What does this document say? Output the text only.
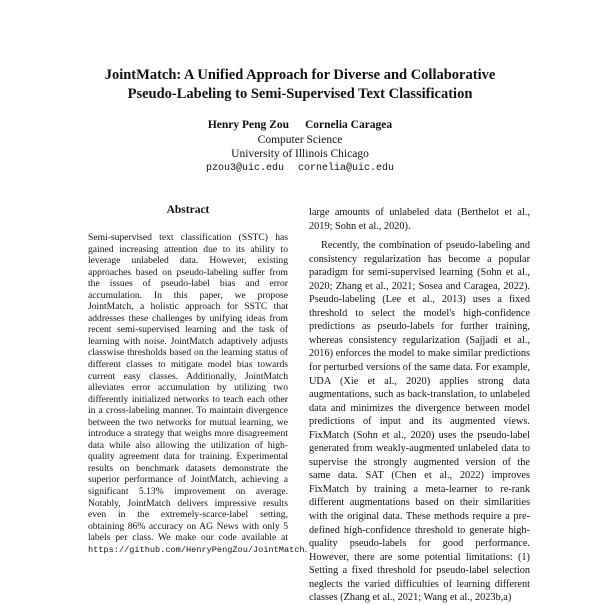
JointMatch: A Unified Approach for Diverse and Collaborative
Pseudo-Labeling to Semi-Supervised Text Classification
Henry Peng Zou Cornelia Caragea
Computer Science
University of Illinois Chicago
pzou3@uic.edu cornelia@uic.edu
Abstract

Semi-supervised text classification (SSTC) has gained increasing attention due to its ability to leverage unlabeled data. However, existing approaches based on pseudo-labeling suffer from the issues of pseudo-label bias and error accumulation. In this paper, we propose JointMatch, a holistic approach for SSTC that addresses these challenges by unifying ideas from recent semi-supervised learning and the task of learning with noise. JointMatch adaptively adjusts classwise thresholds based on the learning status of different classes to mitigate model bias towards current easy classes. Additionally, JointMatch alleviates error accumulation by utilizing two differently initialized networks to teach each other in a cross-labeling manner. To maintain divergence between the two networks for mutual learning, we introduce a strategy that weighs more disagreement data while also allowing the utilization of high-quality agreement data for training. Experimental results on benchmark datasets demonstrate the superior performance of JointMatch, achieving a significant 5.13% improvement on average. Notably, JointMatch delivers impressive results even in the extremely-scarce-label setting, obtaining 86% accuracy on AG News with only 5 labels per class. We make our code available at https://github.com/HenryPengZou/JointMatch.

large amounts of unlabeled data (Berthelot et al., 2019; Sohn et al., 2020).

Recently, the combination of pseudo-labeling and consistency regularization has become a popular paradigm for semi-supervised learning (Sohn et al., 2020; Zhang et al., 2021; Sosea and Caragea, 2022). Pseudo-labeling (Lee et al., 2013) uses a fixed threshold to select the model's high-confidence predictions as pseudo-labels for further training, whereas consistency regularization (Sajjadi et al., 2016) enforces the model to make similar predictions for perturbed versions of the same data. For example, UDA (Xie et al., 2020) applies strong data augmentations, such as back-translation, to unlabeled data and minimizes the divergence between model predictions of input and its augmented views. FixMatch (Sohn et al., 2020) uses the pseudo-label generated from weakly-augmented unlabeled data to supervise the strongly augmented version of the same data. SAT (Chen et al., 2022) improves FixMatch by training a meta-learner to re-rank different augmentations based on their similarities with the original data. These methods require a pre-defined high-confidence threshold to generate high-quality pseudo-labels for good performance. However, there are some potential limitations: (1) Setting a fixed threshold for pseudo-label selection neglects the varied difficulties of learning different classes (Zhang et al., 2021; Wang et al., 2023b,a)
